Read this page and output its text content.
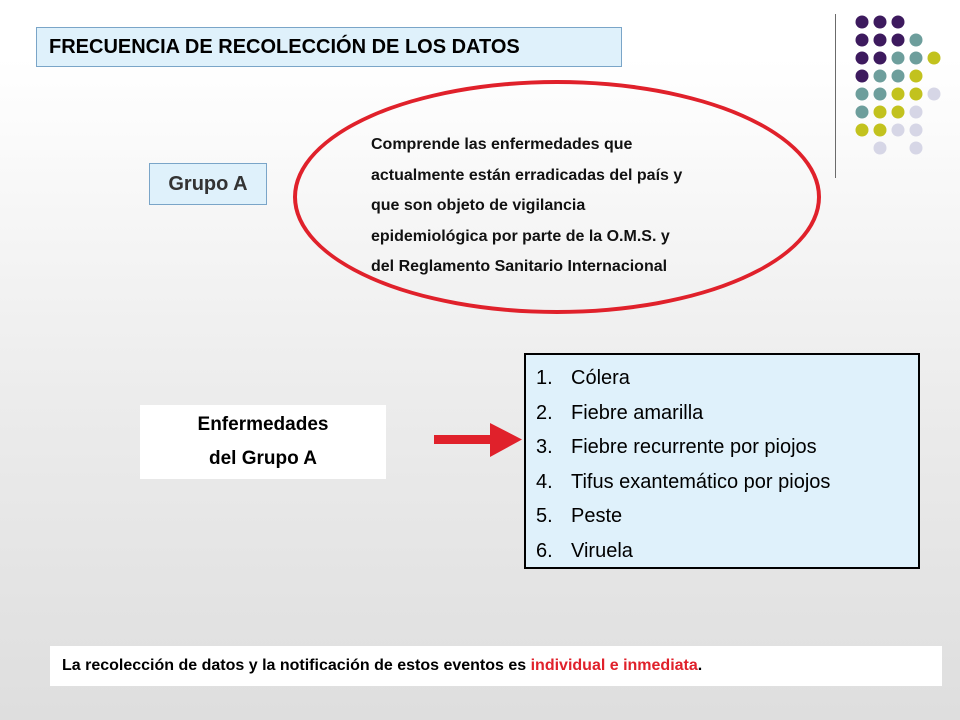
FRECUENCIA DE RECOLECCIÓN DE LOS DATOS
Grupo A
Comprende las enfermedades que
actualmente están erradicadas del país y
que son objeto de vigilancia
epidemiológica por parte de la O.M.S. y
del Reglamento Sanitario Internacional
Enfermedades
del Grupo A
1. Cólera
2. Fiebre amarilla
3. Fiebre recurrente por piojos
4. Tifus exantemático por piojos
5. Peste
6. Viruela
La recolección de datos y la notificación de estos eventos es
individual e inmediata .
